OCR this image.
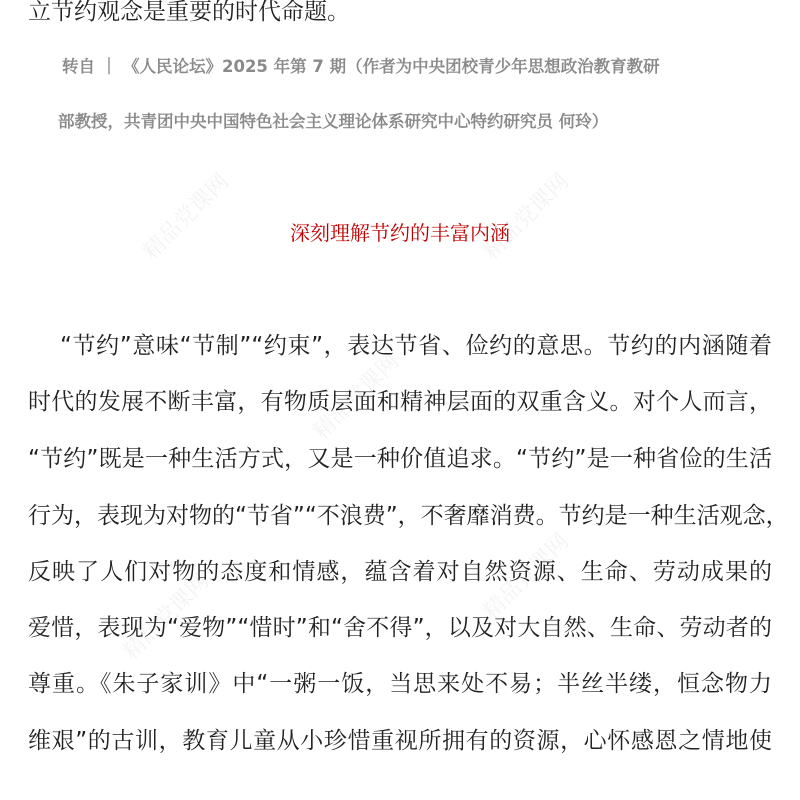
精品党课网	精品党课网
精品党课网
精品党课网	精品党课网
立节约观念是重要的时代命题。
转自 ｜ 《人民论坛》2025 年第 7 期（作者为中央团校青少年思想政治教育教研
部教授，共青团中央中国特色社会主义理论体系研究中心特约研究员 何玲）
深刻理解节约的丰富内涵
“节约”意味“节制”“约束”，表达节省、俭约的意思。节约的内涵随着
时代的发展不断丰富，有物质层面和精神层面的双重含义。对个人而言，
“节约”既是一种生活方式，又是一种价值追求。“节约”是一种省俭的生活
行为，表现为对物的“节省”“不浪费”，不奢靡消费。节约是一种生活观念，
反映了人们对物的态度和情感，蕴含着对自然资源、生命、劳动成果的
爱惜，表现为“爱物”“惜时”和“舍不得”，以及对大自然、生命、劳动者的
尊重。《朱子家训》中“一粥一饭，当思来处不易；半丝半缕，恒念物力
维艰”的古训，教育儿童从小珍惜重视所拥有的资源，心怀感恩之情地使
